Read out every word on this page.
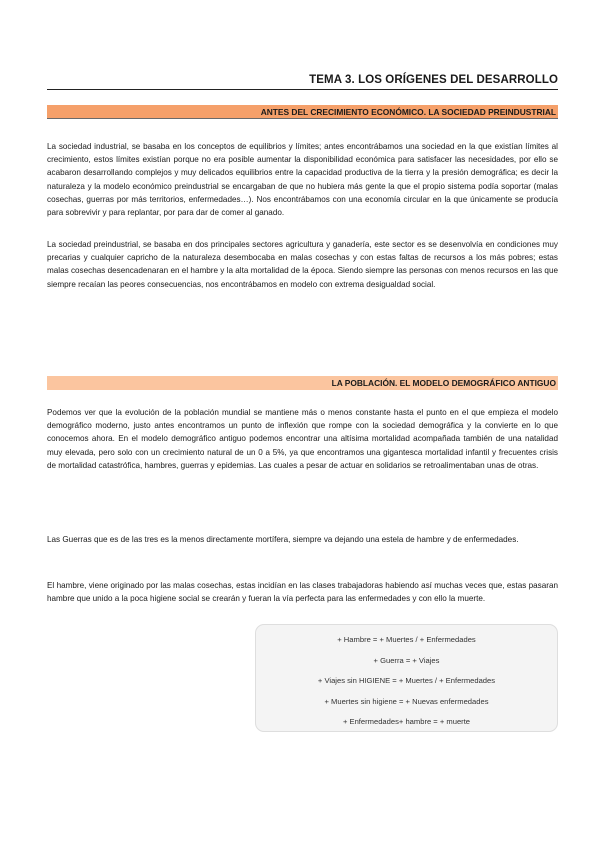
TEMA 3. LOS ORÍGENES DEL DESARROLLO
ANTES DEL CRECIMIENTO ECONÓMICO. LA SOCIEDAD PREINDUSTRIAL

La sociedad industrial, se basaba en los conceptos de equilibrios y límites; antes encontrábamos una sociedad en la que existían límites al crecimiento, estos límites existían porque no era posible aumentar la disponibilidad económica para satisfacer las necesidades, por ello se acabaron desarrollando complejos y muy delicados equilibrios entre la capacidad productiva de la tierra y la presión demográfica; es decir la naturaleza y la modelo económico preindustrial se encargaban de que no hubiera más gente la que el propio sistema podía soportar (malas cosechas, guerras por más territorios, enfermedades…). Nos encontrábamos con una economía circular en la que únicamente se producía para sobrevivir y para replantar, por para dar de comer al ganado.

La sociedad preindustrial, se basaba en dos principales sectores agricultura y ganadería, este sector es se desenvolvía en condiciones muy precarias y cualquier capricho de la naturaleza desembocaba en malas cosechas y con estas faltas de recursos a los más pobres; estas malas cosechas desencadenaran en el hambre y la alta mortalidad de la época. Siendo siempre las personas con menos recursos en las que siempre recaían las peores consecuencias, nos encontrábamos en modelo con extrema desigualdad social.

LA POBLACIÓN. EL MODELO DEMOGRÁFICO ANTIGUO

Podemos ver que la evolución de la población mundial se mantiene más o menos constante hasta el punto en el que empieza el modelo demográfico moderno, justo antes encontramos un punto de inflexión que rompe con la sociedad demográfica y la convierte en lo que conocemos ahora. En el modelo demográfico antiguo podemos encontrar una altísima mortalidad acompañada también de una natalidad muy elevada, pero solo con un crecimiento natural de un 0 a 5%, ya que encontramos una gigantesca mortalidad infantil y frecuentes crisis de mortalidad catastrófica, hambres, guerras y epidemias. Las cuales a pesar de actuar en solidarios se retroalimentaban unas de otras.

Las Guerras que es de las tres es la menos directamente mortífera, siempre va dejando una estela de hambre y de enfermedades.

El hambre, viene originado por las malas cosechas, estas incidían en las clases trabajadoras habiendo así muchas veces que, estas pasaran hambre que unido a la poca higiene social se crearán y fueran la vía perfecta para las enfermedades y con ello la muerte.

+ Hambre = + Muertes / + Enfermedades
+ Guerra = + Viajes
+ Viajes sin HIGIENE = + Muertes / + Enfermedades
+ Muertes sin higiene = + Nuevas enfermedades
+ Enfermedades+ hambre = + muerte
